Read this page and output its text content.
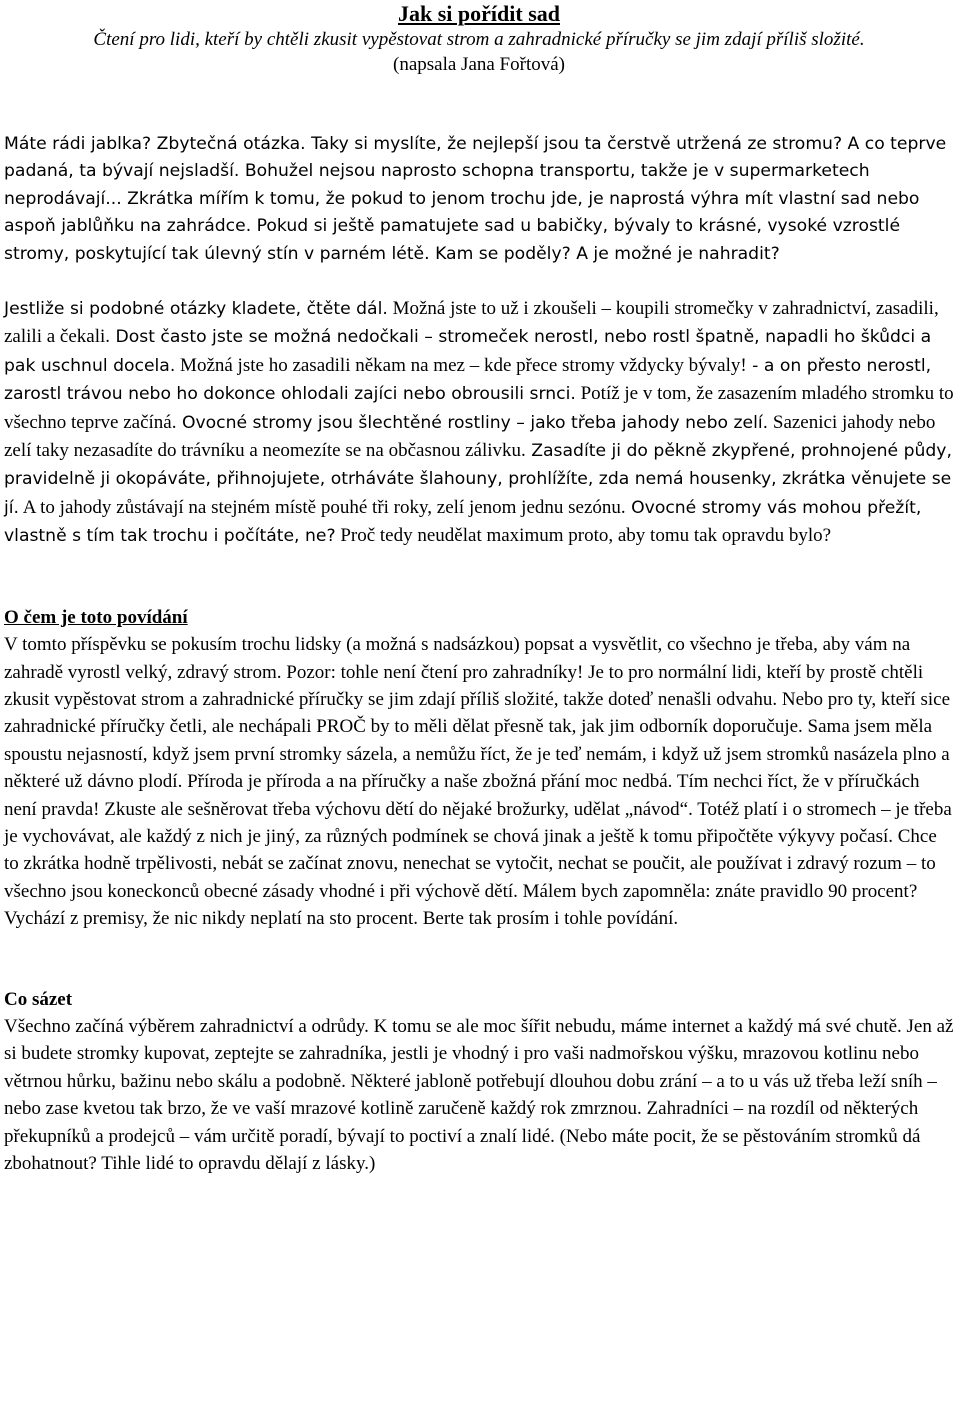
Jak si pořídit sad

Čtení pro lidi, kteří by chtěli zkusit vypěstovat strom a zahradnické příručky se jim zdají příliš složité.

(napsala Jana Fořtová)

Máte rádi jablka? Zbytečná otázka. Taky si myslíte, že nejlepší jsou ta čerstvě utržená ze stromu? A co teprve padaná, ta bývají nejsladší. Bohužel nejsou naprosto schopna transportu, takže je v supermarketech neprodávají... Zkrátka mířím k tomu, že pokud to jenom trochu jde, je naprostá výhra mít vlastní sad nebo aspoň jablůňku na zahrádce. Pokud si ještě pamatujete sad u babičky, bývaly to krásné, vysoké vzrostlé stromy, poskytující tak úlevný stín v parném létě. Kam se poděly? A je možné je nahradit?

Jestliže si podobné otázky kladete, čtěte dál. Možná jste to už i zkoušeli – koupili stromečky v zahradnictví, zasadili, zalili a čekali. Dost často jste se možná nedočkali – stromeček nerostl, nebo rostl špatně, napadli ho škůdci a pak uschnul docela. Možná jste ho zasadili někam na mez – kde přece stromy vždycky bývaly! - a on přesto nerostl, zarostl trávou nebo ho dokonce ohlodali zajíci nebo obrousili srnci. Potíž je v tom, že zasazením mladého stromku to všechno teprve začíná. Ovocné stromy jsou šlechtěné rostliny – jako třeba jahody nebo zelí. Sazenici jahody nebo zelí taky nezasadíte do trávníku a neomezíte se na občasnou zálivku. Zasadíte ji do pěkně zkypřené, prohnojené půdy, pravidelně ji okopáváte, přihnojujete, otrháváte šlahouny, prohlížíte, zda nemá housenky, zkrátka věnujete se jí. A to jahody zůstávají na stejném místě pouhé tři roky, zelí jenom jednu sezónu. Ovocné stromy vás mohou přežít, vlastně s tím tak trochu i počítáte, ne? Proč tedy neudělat maximum proto, aby tomu tak opravdu bylo?

O čem je toto povídání

V tomto příspěvku se pokusím trochu lidsky (a možná s nadsázkou) popsat a vysvětlit, co všechno je třeba, aby vám na zahradě vyrostl velký, zdravý strom. Pozor: tohle není čtení pro zahradníky! Je to pro normální lidi, kteří by prostě chtěli zkusit vypěstovat strom a zahradnické příručky se jim zdají příliš složité, takže doteď nenašli odvahu. Nebo pro ty, kteří sice zahradnické příručky četli, ale nechápali PROČ by to měli dělat přesně tak, jak jim odborník doporučuje. Sama jsem měla spoustu nejasností, když jsem první stromky sázela, a nemůžu říct, že je teď nemám, i když už jsem stromků nasázela plno a některé už dávno plodí. Příroda je příroda a na příručky a naše zbožná přání moc nedbá. Tím nechci říct, že v příručkách není pravda! Zkuste ale sešněrovat třeba výchovu dětí do nějaké brožurky, udělat „návod“. Totéž platí i o stromech – je třeba je vychovávat, ale každý z nich je jiný, za různých podmínek se chová jinak a ještě k tomu připočtěte výkyvy počasí. Chce to zkrátka hodně trpělivosti, nebát se začínat znovu, nenechat se vytočit, nechat se poučit, ale používat i zdravý rozum – to všechno jsou koneckonců obecné zásady vhodné i při výchově dětí. Málem bych zapomněla: znáte pravidlo 90 procent? Vychází z premisy, že nic nikdy neplatí na sto procent. Berte tak prosím i tohle povídání.

Co sázet

Všechno začíná výběrem zahradnictví a odrůdy. K tomu se ale moc šířit nebudu, máme internet a každý má své chutě. Jen až si budete stromky kupovat, zeptejte se zahradníka, jestli je vhodný i pro vaši nadmořskou výšku, mrazovou kotlinu nebo větrnou hůrku, bažinu nebo skálu a podobně. Některé jabloně potřebují dlouhou dobu zrání – a to u vás už třeba leží sníh – nebo zase kvetou tak brzo, že ve vaší mrazové kotlině zaručeně každý rok zmrznou. Zahradníci – na rozdíl od některých překupníků a prodejců – vám určitě poradí, bývají to poctiví a znalí lidé. (Nebo máte pocit, že se pěstováním stromků dá zbohatnout? Tihle lidé to opravdu dělají z lásky.)
